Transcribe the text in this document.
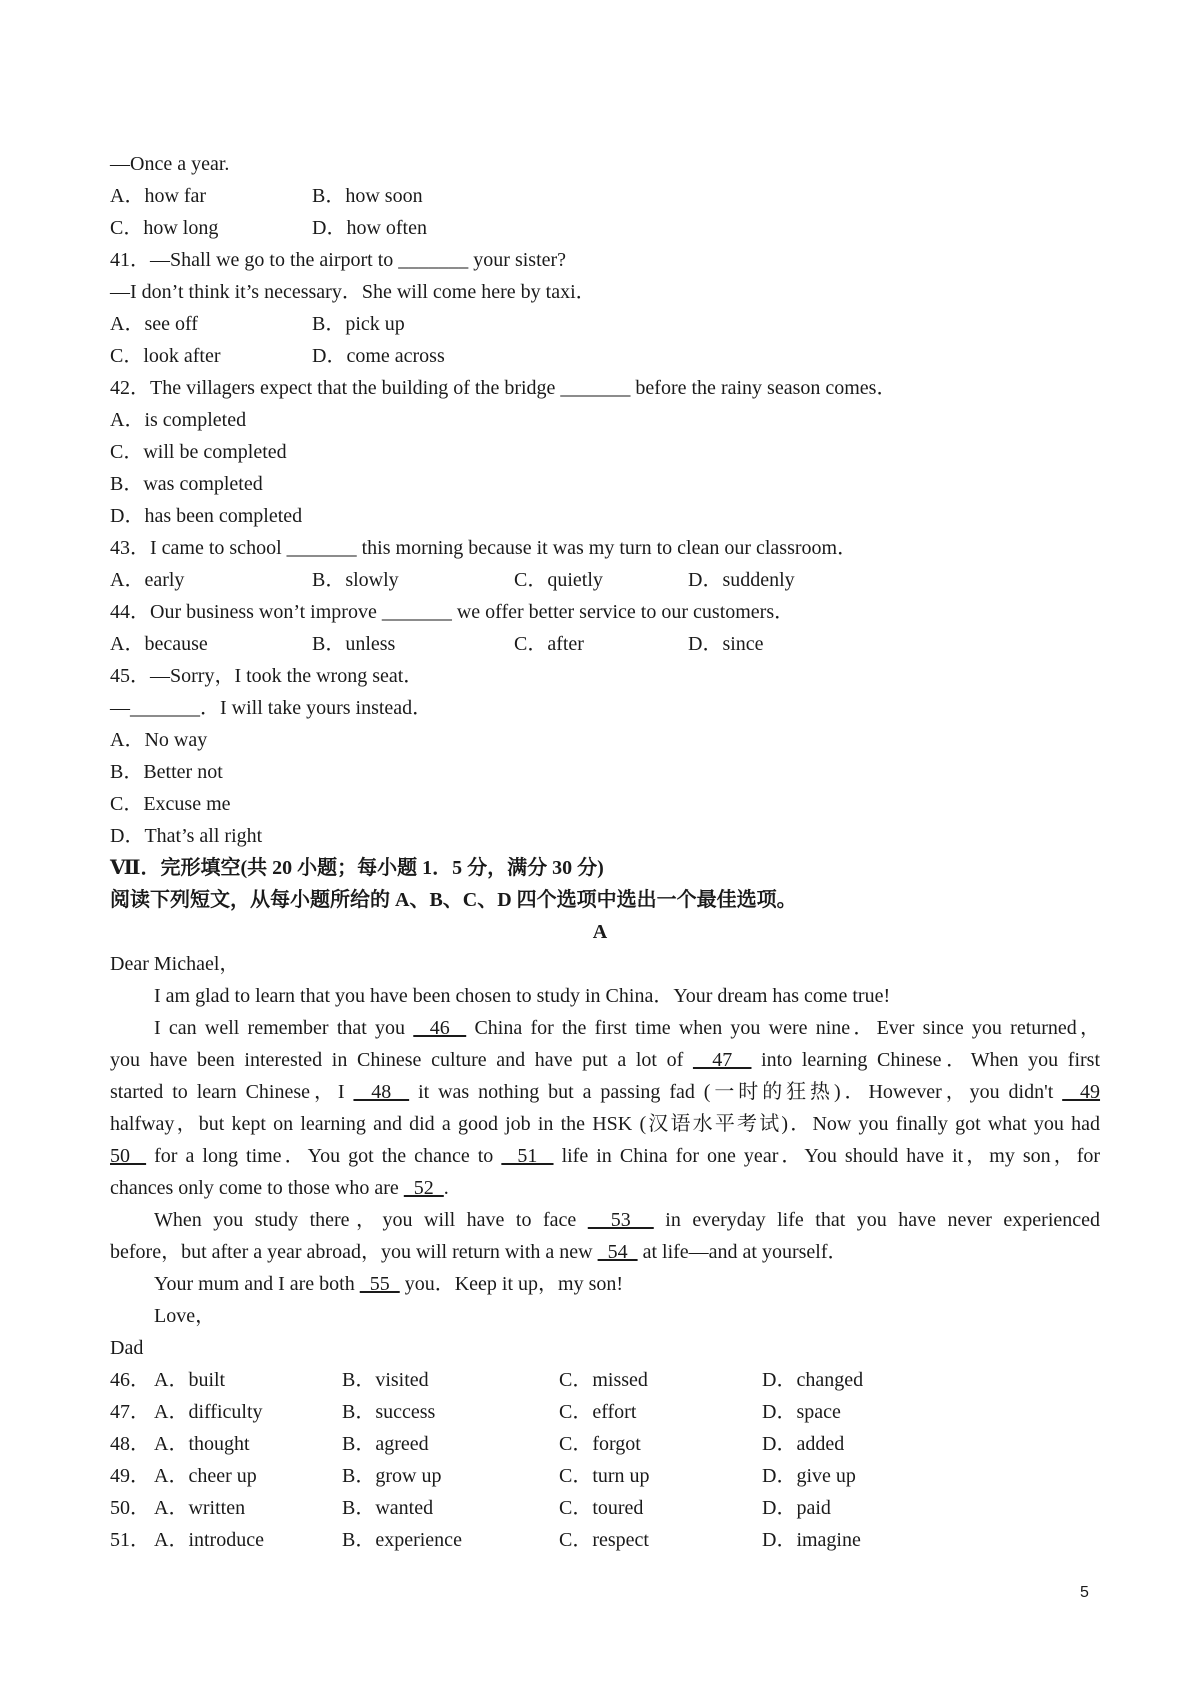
—Once a year.
A．how far	B．how soon
C．how long	D．how often
41．—Shall we go to the airport to _______ your sister?
—I don’t think it’s necessary．She will come here by taxi．
A．see off	B．pick up
C．look after	D．come across
42．The villagers expect that the building of the bridge _______ before the rainy season comes．
A．is completed
C．will be completed
B．was completed
D．has been completed
43．I came to school _______ this morning because it was my turn to clean our classroom．
A．early	B．slowly	C．quietly	D．suddenly
44．Our business won’t improve _______ we offer better service to our customers．
A．because	B．unless	C．after	D．since
45．—Sorry，I took the wrong seat．
—_______．I will take yours instead．
A．No way
B．Better not
C．Excuse me
D．That’s all right
Ⅶ．完形填空(共 20 小题；每小题 1．5 分，满分 30 分)
阅读下列短文，从每小题所给的 A、B、C、D 四个选项中选出一个最佳选项。
A
Dear Michael，
I am glad to learn that you have been chosen to study in China．Your dream has come true!
I can well remember that you   46   China for the first time when you were nine．Ever since you returned，
you have been interested in Chinese culture and have put a lot of   47   into learning Chinese．When you first
started to learn Chinese，I   48   it was nothing but a passing fad (一时的狂热)．However，you didn't   49
halfway，but kept on learning and did a good job in the HSK (汉语水平考试)．Now you finally got what you had
50   for a long time．You got the chance to   51   life in China for one year．You should have it，my son，for
chances only come to those who are   52  .
When you study there，you will have to face   53   in everyday life that you have never experienced
before，but after a year abroad，you will return with a new   54   at life—and at yourself．
Your mum and I are both   55   you．Keep it up，my son!
Love，
Dad
46． A．built	B．visited	C．missed	D．changed
47． A．difficulty	B．success	C．effort	D．space
48． A．thought	B．agreed	C．forgot	D．added
49． A．cheer up	B．grow up	C．turn up	D．give up
50． A．written	B．wanted	C．toured	D．paid
51． A．introduce	B．experience	C．respect	D．imagine
5
